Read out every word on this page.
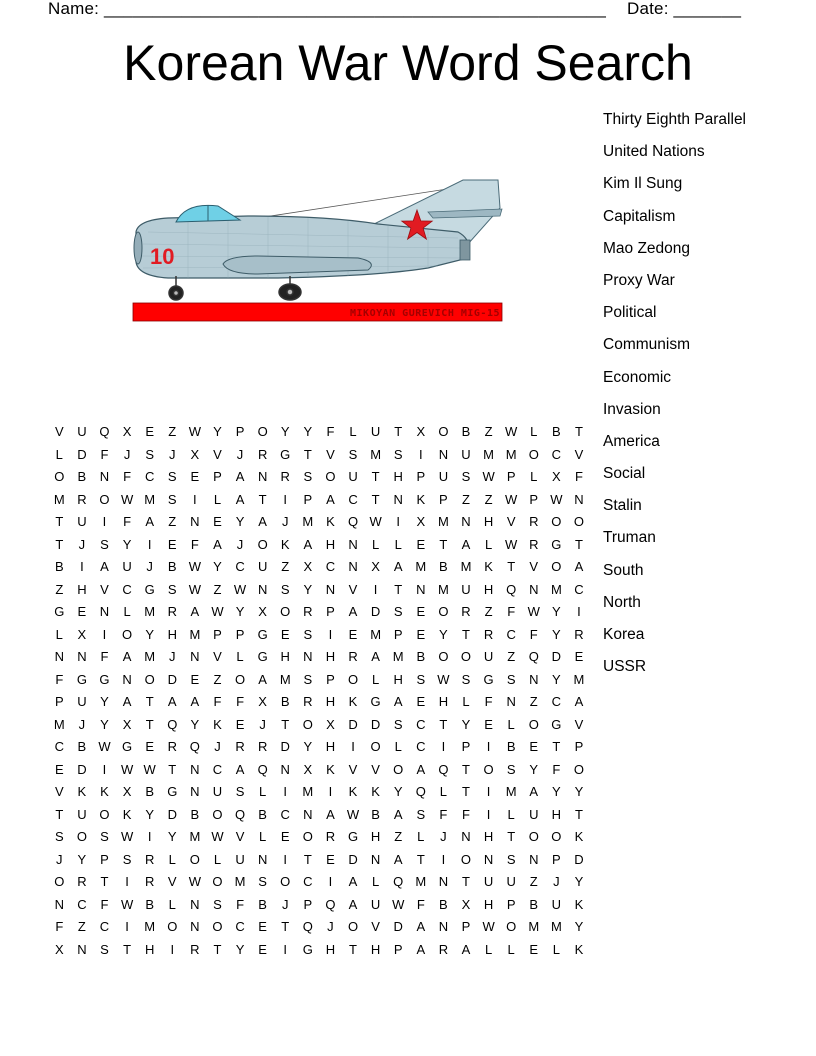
Name: ____________________________________________________ Date: _______
Korean War Word Search
MIKOYAN GUREVICH MIG-15
10
V	U Q	X	E	Z W Y	P	O	Y	Y	F	L	U	T	X	O	B	Z W L	B	T
L	D	F	J	S	J	X	V	J	R G	T	V	S M S	I	N	U M M O C	V
O	B	N	F	C	S	E	P	A	N	R	S	O U	T	H	P	U	S W P	L	X	F
M R O W M S	I	L	A	T	I	P	A	C	T	N	K	P	Z	Z W P W N
T	U	I	F	A	Z	N	E	Y	A	J	M K	Q W	I	X M N	H	V	R O O
T	J	S	Y	I	E	F	A	J	O	K	A	H	N	L	L	E	T	A	L W R G	T
B	I	A	U	J	B W Y	C	U	Z	X	C	N	X	A M B M K	T	V	O	A
Z	H	V	C G	S W Z W N	S	Y	N	V	I	T	N M U	H Q N M C
G	E	N	L	M R	A W Y	X	O R	P	A	D	S	E	O R	Z	F W Y	I
L	X	I	O	Y	H M P	P	G	E	S	I	E M P	E	Y	T	R	C	F	Y	R
N	N	F	A M	J	N	V	L	G H	N	H	R	A M B	O O U	Z	Q D	E
F	G G N O D	E	Z	O	A M S	P	O	L	H	S W S	G	S	N	Y M
P	U	Y	A	T	A	A	F	F	X	B	R	H	K	G	A	E	H	L	F	N	Z	C	A
M	J	Y	X	T	Q	Y	K	E	J	T	O	X	D	D	S	C	T	Y	E	L	O G	V
C	B W G	E	R Q	J	R	R	D	Y	H	I	O	L	C	I	P	I	B	E	T	P
E	D	I	W W T	N	C	A	Q N	X	K	V	V	O	A	Q	T	O	S	Y	F	O
V	K	K	X	B	G N	U	S	L	I	M	I	K	K	Y	Q	L	T	I	M A	Y	Y
T	U O	K	Y	D	B	O Q	B	C	N	A W B	A	S	F	F	I	L	U	H	T
S	O	S W	I	Y M W V	L	E	O R G H	Z	L	J	N	H	T	O O	K
J	Y	P	S	R	L	O	L	U	N	I	T	E	D	N	A	T	I	O N	S	N	P	D
O R	T	I	R	V W O M S	O C	I	A	L	Q M N	T	U	U	Z	J	Y
N	C	F W B	L	N	S	F	B	J	P	Q	A	U W F	B	X	H	P	B	U	K
F	Z	C	I	M O N O C	E	T	Q	J	O	V	D	A	N	P W O M M Y
X	N	S	T	H	I	R	T	Y	E	I	G H	T	H	P	A	R	A	L	L	E	L	K
Thirty Eighth Parallel
United Nations
Kim Il Sung
Capitalism
Mao Zedong
Proxy War
Political
Communism
Economic
Invasion
America
Social
Stalin
Truman
South
North
Korea
USSR
